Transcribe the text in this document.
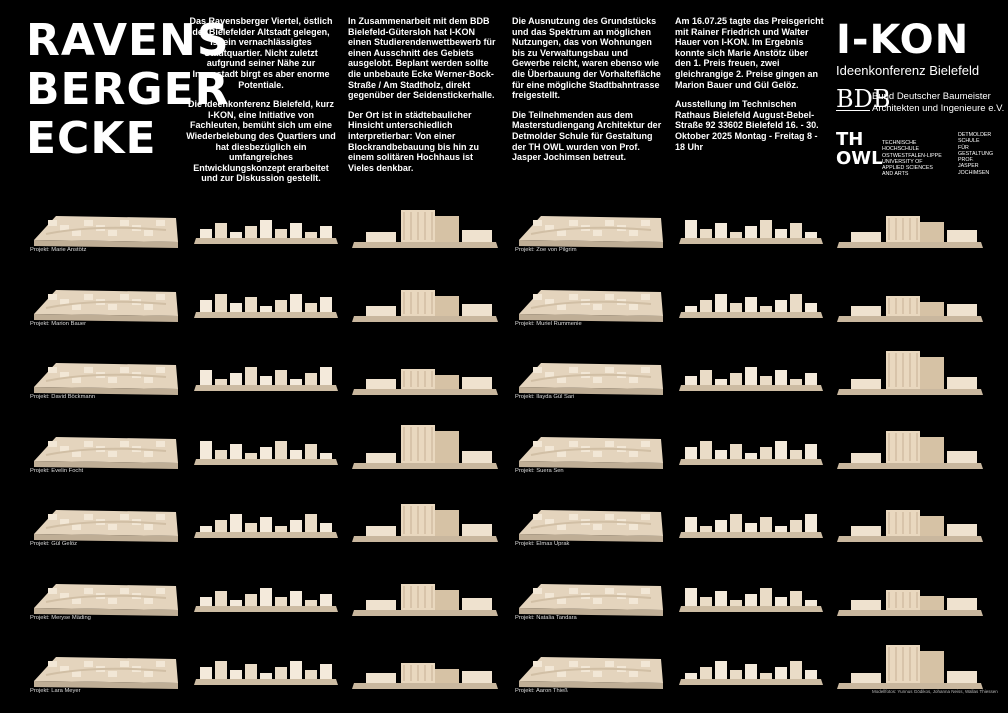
RAVENS
BERGER
ECKE

Das Ravensberger Viertel, östlich der Bielefelder Altstadt gelegen, ist ein vernachlässigtes Stadtquartier. Nicht zuletzt aufgrund seiner Nähe zur Innenstadt birgt es aber enorme Potentiale.

Die Ideenkonferenz Bielefeld, kurz I-KON, eine Initiative von Fachleuten, bemüht sich um eine Wiederbelebung des Quartiers und hat diesbezüglich ein umfangreiches Entwicklungskonzept erarbeitet und zur Diskussion gestellt.

In Zusammenarbeit mit dem BDB Bielefeld-Gütersloh hat I-KON einen Studierendenwettbewerb für einen Ausschnitt des Gebiets ausgelobt. Beplant werden sollte die unbebaute Ecke Werner-Bock-Straße / Am Stadtholz, direkt gegenüber der Seidenstickerhalle.

Der Ort ist in städtebaulicher Hinsicht unterschiedlich interpretierbar: Von einer Blockrandbebauung bis hin zu einem solitären Hochhaus ist Vieles denkbar.

Die Ausnutzung des Grundstücks und das Spektrum an möglichen Nutzungen, das von Wohnungen bis zu Verwaltungsbau und Gewerbe reicht, waren ebenso wie die Überbauung der Vorhaltefläche für eine mögliche Stadtbahntrasse freigestellt.

Die Teilnehmenden aus dem Masterstudiengang Architektur der Detmolder Schule für Gestaltung der TH OWL wurden von Prof. Jasper Jochimsen betreut.

Am 16.07.25 tagte das Preisgericht mit Rainer Friedrich und Walter Hauer von I-KON. Im Ergebnis konnte sich Marie Anstötz über den 1. Preis freuen, zwei gleichrangige 2. Preise gingen an Marion Bauer und Gül Gelöz.

Ausstellung im Technischen Rathaus Bielefeld August-Bebel-Straße 92 33602 Bielefeld 16. - 30. Oktober 2025 Montag - Freitag 8 - 18 Uhr

I-KON
Ideenkonferenz Bielefeld
BDB
Bund Deutscher Baumeister
Architekten und Ingenieure e.V.
TH
OWL
TECHNISCHE HOCHSCHULE
OSTWESTFALEN-LIPPE
UNIVERSITY OF
APPLIED SCIENCES
AND ARTS
DETMOLDER
SCHULE
FÜR GESTALTUNG
PROF. JASPER
JOCHIMSEN
Projekt: Marie Anstötz	Projekt: Zoe von Pilgrim
Projekt: Marion Bauer	Projekt: Muriel Rummenie
Projekt: David Böckmann	Projekt: Ilayda Gül Sari
Projekt: Evelin Focht	Projekt: Suera Sen
Projekt: Gül Gelöz	Projekt: Elmas Uprak
Projekt: Meryse Mäding	Projekt: Natalia Tandara
Projekt: Lara Meyer	Projekt: Aaron Thieß	Modellfotos: Yunnus Gödikos, Johanna Neiss, Wallas Thiessen
